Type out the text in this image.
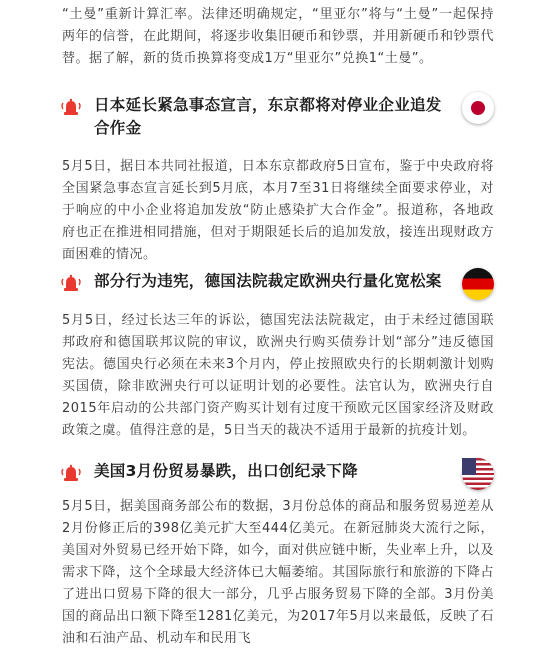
“土曼”重新计算汇率。法律还明确规定，“里亚尔”将与“土曼”一起保持两年的信誉，在此期间，将逐步收集旧硬币和钞票，并用新硬币和钞票代替。据了解，新的货币换算将变成1万“里亚尔”兑换1“土曼”。

日本延长紧急事态宣言，东京都将对停业企业追发合作金

5月5日，据日本共同社报道，日本东京都政府5日宣布，鉴于中央政府将全国紧急事态宣言延长到5月底，本月7至31日将继续全面要求停业，对于响应的中小企业将追加发放“防止感染扩大合作金”。报道称，各地政府也正在推进相同措施，但对于期限延长后的追加发放，接连出现财政方面困难的情况。

部分行为违宪，德国法院裁定欧洲央行量化宽松案

5月5日，经过长达三年的诉讼，德国宪法法院裁定，由于未经过德国联邦政府和德国联邦议院的审议，欧洲央行购买债券计划“部分”违反德国宪法。德国央行必须在未来3个月内，停止按照欧央行的长期刺激计划购买国债，除非欧洲央行可以证明计划的必要性。法官认为，欧洲央行自2015年启动的公共部门资产购买计划有过度干预欧元区国家经济及财政政策之虞。值得注意的是，5日当天的裁决不适用于最新的抗疫计划。

美国3月份贸易暴跌，出口创纪录下降

5月5日，据美国商务部公布的数据，3月份总体的商品和服务贸易逆差从2月份修正后的398亿美元扩大至444亿美元。在新冠肺炎大流行之际，美国对外贸易已经开始下降，如今，面对供应链中断，失业率上升，以及需求下降，这个全球最大经济体已大幅萎缩。其国际旅行和旅游的下降占了进出口贸易下降的很大一部分，几乎占服务贸易下降的全部。3月份美国的商品出口额下降至1281亿美元，为2017年5月以来最低，反映了石油和石油产品、机动车和民用飞
